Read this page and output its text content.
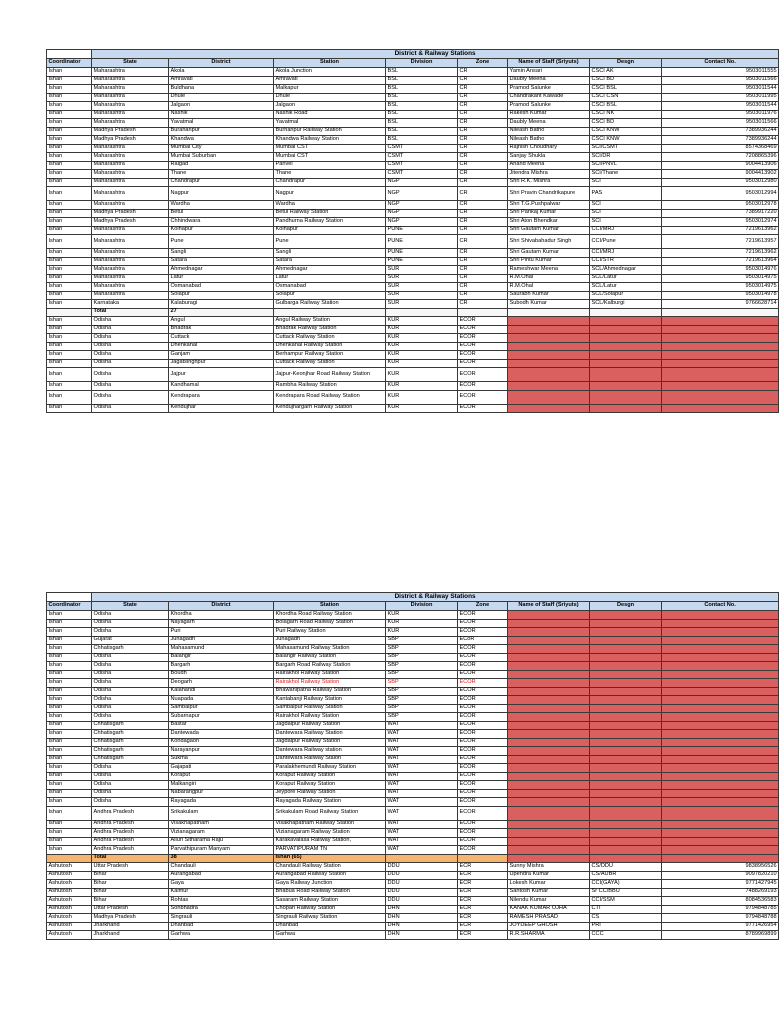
	District & Railway Stations							
Coordinator	State	District	Station	Division	Zone	Name of Staff (Sriyuts)	Desgn	Contact No.
Ishan	Maharashtra	Akola	Akola Junction	BSL	CR	Yamin Ansari	CSCI AK	9503011555
Ishan	Maharashtra	Amravati	Amravati	BSL	CR	Daubly Meena	CSCI BD	9503011566
Ishan	Maharashtra	Buldhana	Malkapur	BSL	CR	Pramod Salunke	CSCI BSL	9503011544
Ishan	Maharashtra	Dhule	Dhule	BSL	CR	Chandrakant Kawade	CSCI CSN	9503011995
Ishan	Maharashtra	Jalgaon	Jalgaon	BSL	CR	Pramod Salunke	CSCI BSL	9503011544
Ishan	Maharashtra	Nashik	Nashik Road	BSL	CR	Rakesh Kumar	CSCI NK	9503011976
Ishan	Maharashtra	Yavatmal	Yavatmal	BSL	CR	Daubly Meena	CSCI BD	9503011566
Ishan	Madhya Pradesh	Burahanpur	Burhanpur Railway Station	BSL	CR	Nileash Batho	CSCI KNW	7389936244
Ishan	Madhya Pradesh	Khandwa	Khandwa Railway Station	BSL	CR	Nileash Batho	CSCI KNW	7389936244
Ishan	Maharashtra	Mumbai City	Mumbai CST	CSMT	CR	Rajnish Choudhary	SCI/CSMT	8574368469
Ishan	Maharashtra	Mumbai Suburban	Mumbai CST	CSMT	CR	Sanjay Shukla	SCI/DR	7208865396
Ishan	Maharashtra	Raigad	Panvel	CSMT	CR	Anand Meena	SCI/PNVL	9004413906
Ishan	Maharashtra	Thane	Thane	CSMT	CR	Jitendra Mishra	SCI/Thane	9004413902
Ishan	Maharashtra	Chandrapur	Chandrapur	NGP	CR	Shri R.K. Mishra	SCI	9503012980
Ishan	Maharashtra	Nagpur	Nagpur	NGP	CR	Shri Pravin Chandrikapure	PAS	9503012994
Ishan	Maharashtra	Wardha	Wardha	NGP	CR	Shri T.G.Pushpalwar	SCI	9503012978
Ishan	Madhya Pradesh	Betul	Betul Railway Station	NGP	CR	Shri Pankaj Kumar	SCI	7389917220
Ishan	Madhya Pradesh	Chhindwara	Pandhurna Railway Station	NGP	CR	Shri Aton Bhendkar	SCI	9503012974
Ishan	Maharashtra	Kolhapur	Kolhapur	PUNE	CR	Shri Gautam Kumar	CCI/MRJ	7219613962
Ishan	Maharashtra	Pune	Pune	PUNE	CR	Shri Shivabahadur Singh	CCI/Pune	7219613957
Ishan	Maharashtra	Sangli	Sangli	PUNE	CR	Shri Gautam Kumar	CCI/MRJ	7219613962
Ishan	Maharashtra	Satara	Satara	PUNE	CR	Shri Pintu Kumar	CCI/STR	7219613964
Ishan	Maharashtra	Ahmednagar	Ahmednagar	SUR	CR	Rameshwar Meena	SCL/Ahmednagar	9503014976
Ishan	Maharashtra	Latur	Latur	SUR	CR	R.M.Ohal	SCL/Latur	9503014975
Ishan	Maharashtra	Osmanabad	Osmanabad	SUR	CR	R.M.Ohal	SCL/Latur	9503014975
Ishan	Maharashtra	Solapur	Solapur	SUR	CR	Saurabh Kumar	SCL/Solapur	9503014978
Ishan	Karnataka	Kalaburagi	Gulbarga Railway Station	SUR	CR	Subodh Kumar	SCL/Kalburgi	9766628714
	Total	27						
Ishan	Odisha	Angul	Angul Railway Station	KUR	ECOR			
Ishan	Odisha	Bhadrak	Bhadrak Railway Station	KUR	ECOR			
Ishan	Odisha	Cuttack	Cuttack Railway Station	KUR	ECOR			
Ishan	Odisha	Dhenkanal	Dhenkanal Railway Station	KUR	ECOR			
Ishan	Odisha	Ganjam	Berhampur Railway Station	KUR	ECOR			
Ishan	Odisha	Jagatsinghpur	Cuttack Railway Station	KUR	ECOR			
Ishan	Odisha	Jajpur	Jajpur-Keonjhar Road Railway Station	KUR	ECOR			
Ishan	Odisha	Kandhamal	Rambha Railway Station	KUR	ECOR			
Ishan	Odisha	Kendrapara	Kendrapara Road Railway Station	KUR	ECOR			
Ishan	Odisha	Kendujhar	Kendujhargarh Railway Station	KUR	ECOR			
	District & Railway Stations							
Coordinator	State	District	Station	Division	Zone	Name of Staff (Sriyuts)	Desgn	Contact No.
Ishan	Odisha	Khordha	Khordha Road Railway Station	KUR	ECOR			
Ishan	Odisha	Nayagarh	Bolagarh Road Railway Station	KUR	ECOR			
Ishan	Odisha	Puri	Puri Railway Station	KUR	ECOR			
Ishan	Gujarat	Junagadh	Junagadh	SBP	ECoR			
Ishan	Chhatisgarh	Mahasamund	Mahasamund Railway Station	SBP	ECOR			
Ishan	Odisha	Balangir	Balangir Railway Station	SBP	ECOR			
Ishan	Odisha	Bargarh	Bargarh Road Railway Station	SBP	ECOR			
Ishan	Odisha	Boudh	Rairakhol Railway Station	SBP	ECOR			
Ishan	Odisha	Deogarh	Rairakhol Railway Station	SBP	ECOR			
Ishan	Odisha	Kalahandi	Bhawanipatna Railway Station	SBP	ECOR			
Ishan	Odisha	Nuapada	Kantabanji Railway Station	SBP	ECOR			
Ishan	Odisha	Sambalpur	Sambalpur Railway Station	SBP	ECOR			
Ishan	Odisha	Subarnapur	Rairakhol Railway Station	SBP	ECOR			
Ishan	Chhatisgarh	Bastar	Jagdalpur Railway Station	WAT	ECOR			
Ishan	Chhatisgarh	Dantewada	Dantewara Railway Station	WAT	ECOR			
Ishan	Chhatisgarh	Kondagaon	Jagdalpur Railway Station	WAT	ECOR			
Ishan	Chhatisgarh	Narayanpur	Dantewara Railway station	WAT	ECOR			
Ishan	Chhatisgarh	Sukma	Dantewara Railway Staion	WAT	ECOR			
Ishan	Odisha	Gajapati	Paralakhemundi Railway Station	WAT	ECOR			
Ishan	Odisha	Koraput	Koraput Railway Station	WAT	ECOR			
Ishan	Odisha	Malkangiri	Koraput Railway Station	WAT	ECOR			
Ishan	Odisha	Nabarangpur	Jeypore Railway Station	WAT	ECOR			
Ishan	Odisha	Rayagada	Rayagada Railway Station	WAT	ECOR			
Ishan	Andhra Pradesh	Srikakulam	Srikakulam Road Railway Station	WAT	ECOR			
Ishan	Andhra Pradesh	Visakhapatnam	Visakhapatnam Railway Station	WAT	ECOR			
Ishan	Andhra Pradesh	Vizianagaram	Vizianagaram Railway Station	WAT	ECOR			
Ishan	Andhra Pradesh	Alluri Sitharama Raju	Karakavalasa Railway Station,	WAT	ECOR			
Ishan	Andhra Pradesh	Parvathipuram Manyam	PARVATIPURAM TN	WAT	ECOR			
	Total	38	Ishan (65)					
Ashutosh	Uttar Pradesh	Chandauli	Chandauli Railway Station	DDU	ECR	Sunny Mishra	CS/DDU	9838956526
Ashutosh	Bihar	Aurangabad	Aurangabad Railway Station	DDU	ECR	Upendra Kumar	CS/AUBR	9097820210
Ashutosh	Bihar	Gaya	Gaya Railway Junction	DDU	ECR	Lokesh Kumar	CCI(GAYA)	9771427945
Ashutosh	Bihar	Kaimur	Bhabua Road Railway Station	DDU	ECR	Santosh Kumar	Sr CC/BBU	7488269193
Ashutosh	Bihar	Rohtas	Sasaram Railway Station	DDU	ECR	Nilendu Kumar	CCI/SSM	8084536583
Ashutosh	Uttar Pradesh	Sonbhadra	Chopan Railway Station	DHN	ECR	KANAK KUMAR OJHA	CTI	9794848785
Ashutosh	Madhya Pradesh	Singrauli	Singrauli Railway Station	DHN	ECR	RAMESH PRASAD	CS	9794848788
Ashutosh	Jharkhand	Dhanbad	Dhanbad	DHN	ECR	JOYDEEP GHOSH	PRI	9771426954
Ashutosh	Jharkhand	Garhwa	Garhwa	DHN	ECR	R.R.SHARMA	CCC	8789969899
